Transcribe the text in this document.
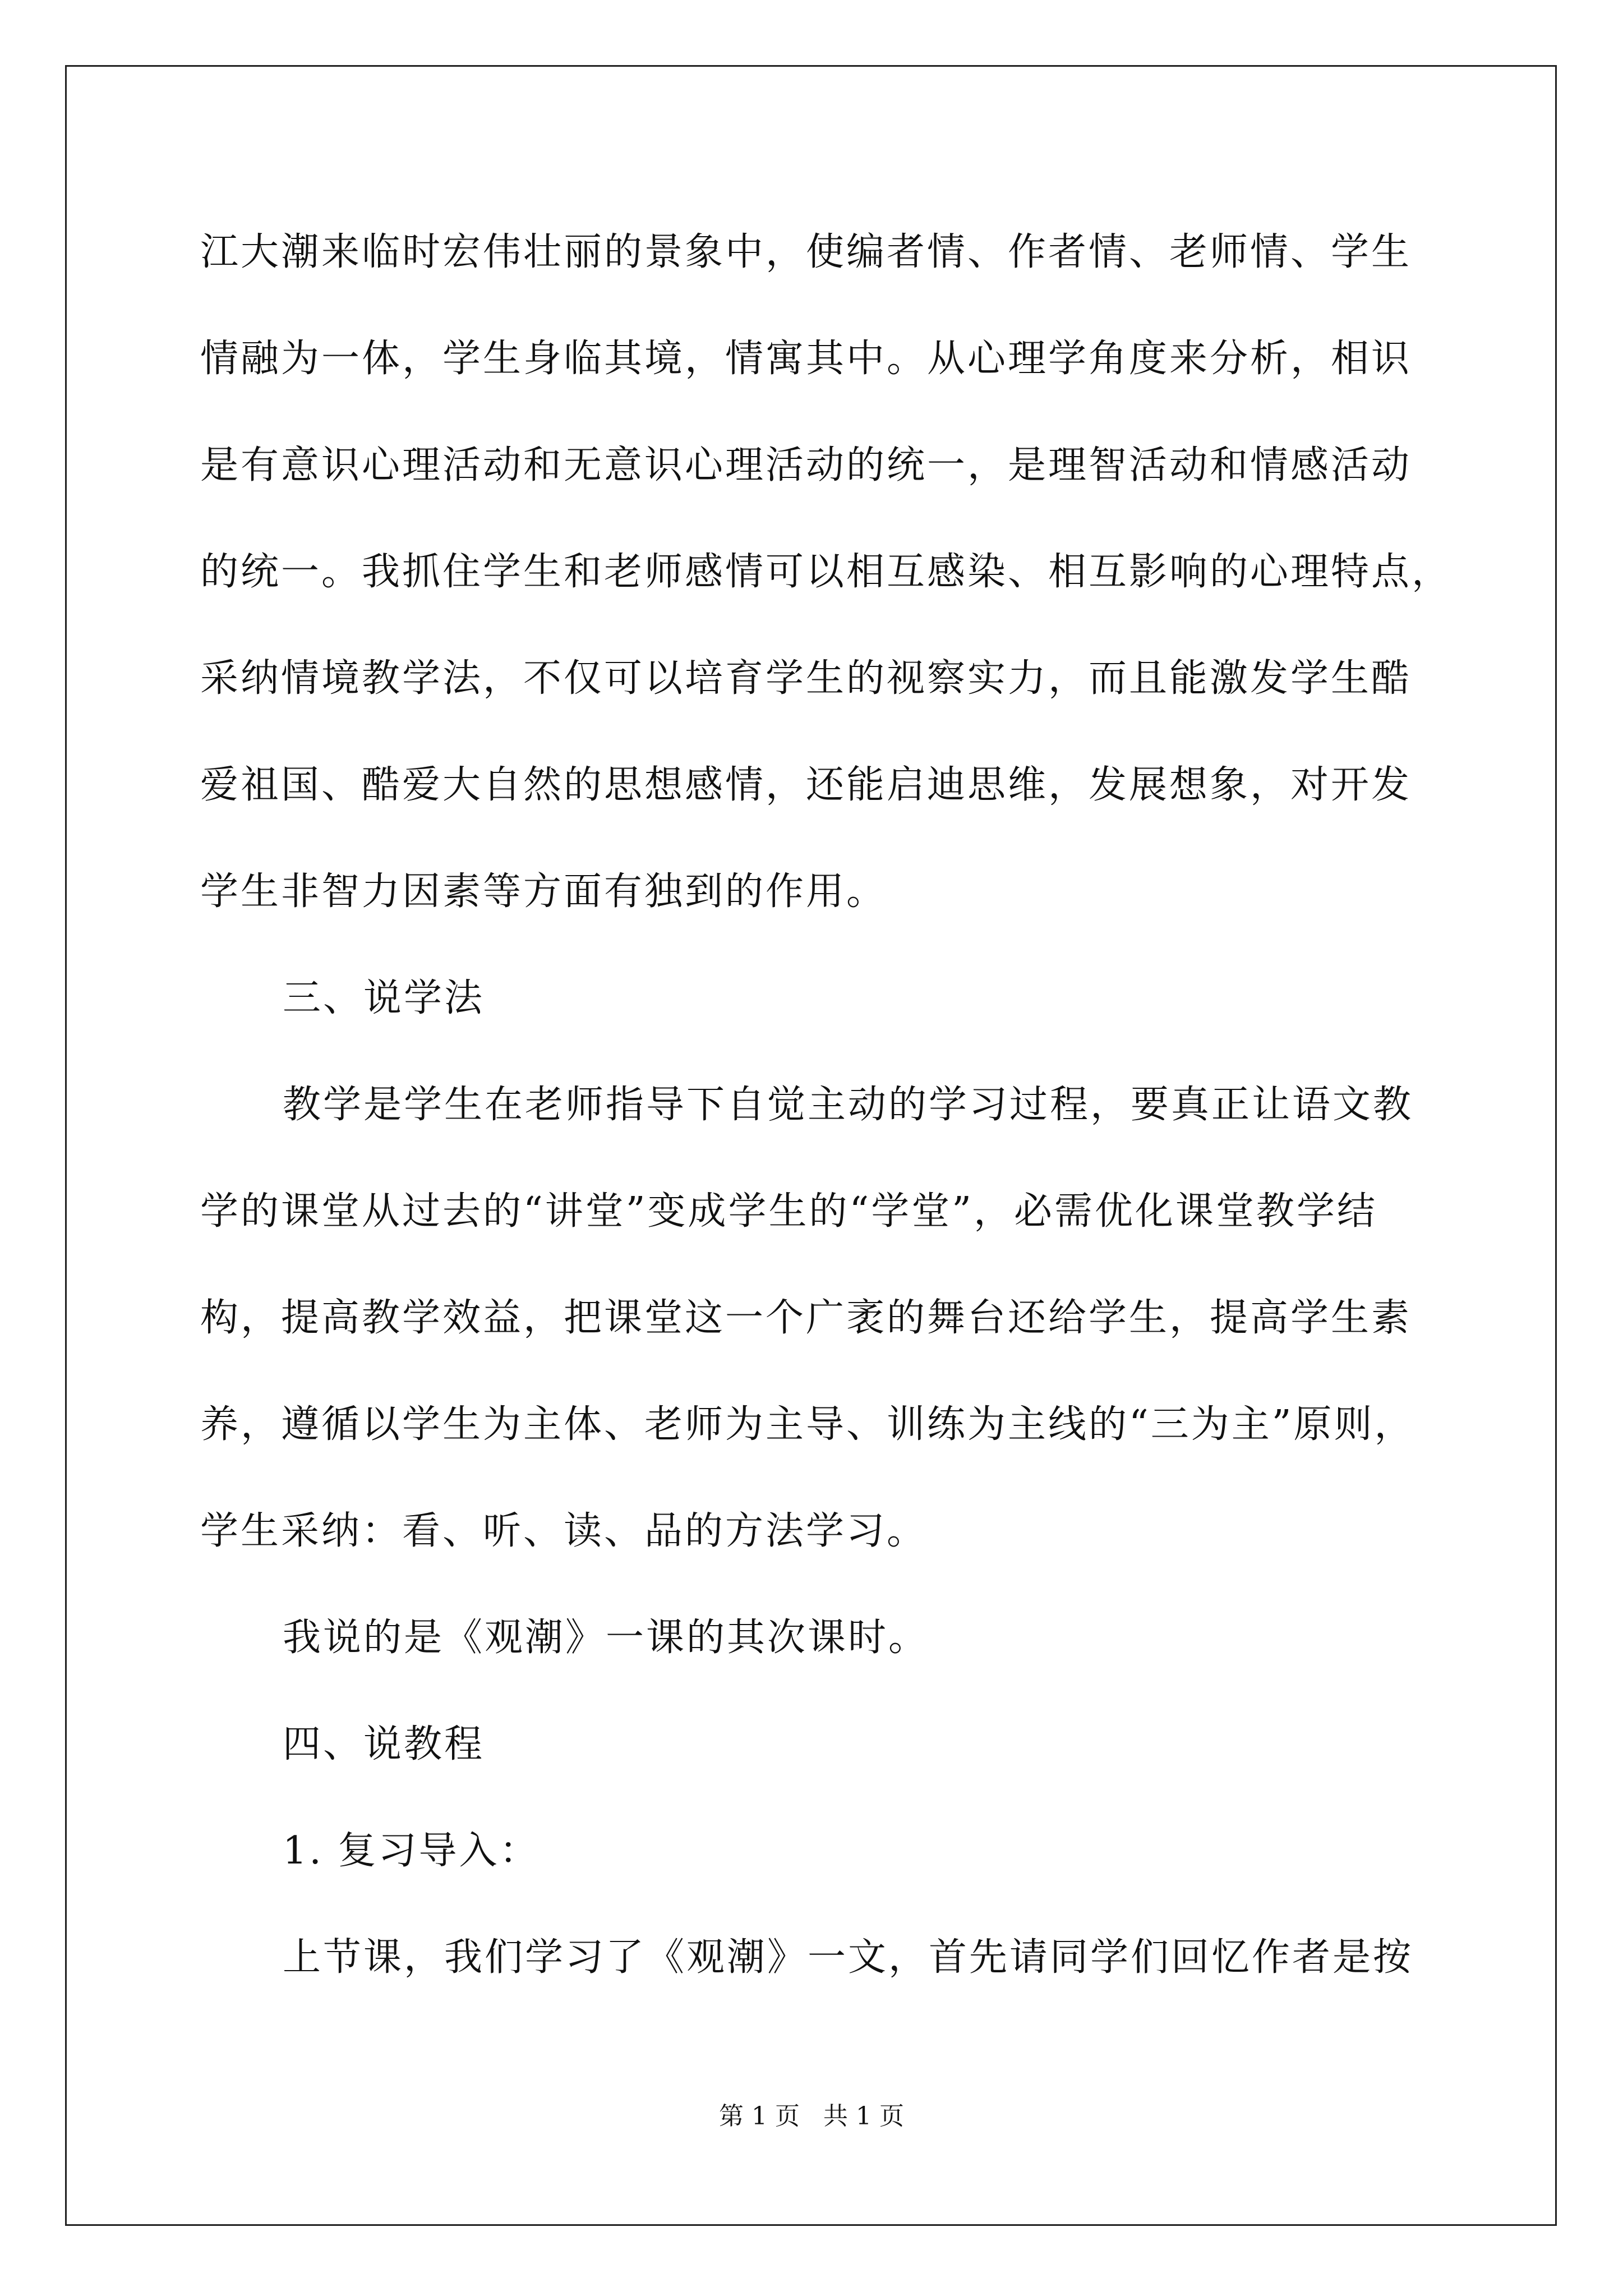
江大潮来临时宏伟壮丽的景象中，使编者情、作者情、老师情、学生
情融为一体，学生身临其境，情寓其中。从心理学角度来分析，相识
是有意识心理活动和无意识心理活动的统一，是理智活动和情感活动
的统一。我抓住学生和老师感情可以相互感染、相互影响的心理特点，
采纳情境教学法，不仅可以培育学生的视察实力，而且能激发学生酷
爱祖国、酷爱大自然的思想感情，还能启迪思维，发展想象，对开发
学生非智力因素等方面有独到的作用。
三、说学法
教学是学生在老师指导下自觉主动的学习过程，要真正让语文教
学的课堂从过去的“讲堂”变成学生的“学堂”，必需优化课堂教学结
构，提高教学效益，把课堂这一个广袤的舞台还给学生，提高学生素
养，遵循以学生为主体、老师为主导、训练为主线的“三为主”原则，
学生采纳：看、听、读、品的方法学习。
我说的是《观潮》一课的其次课时。
四、说教程
1. 复习导入：
上节课，我们学习了《观潮》一文，首先请同学们回忆作者是按
第 1 页   共 1 页
